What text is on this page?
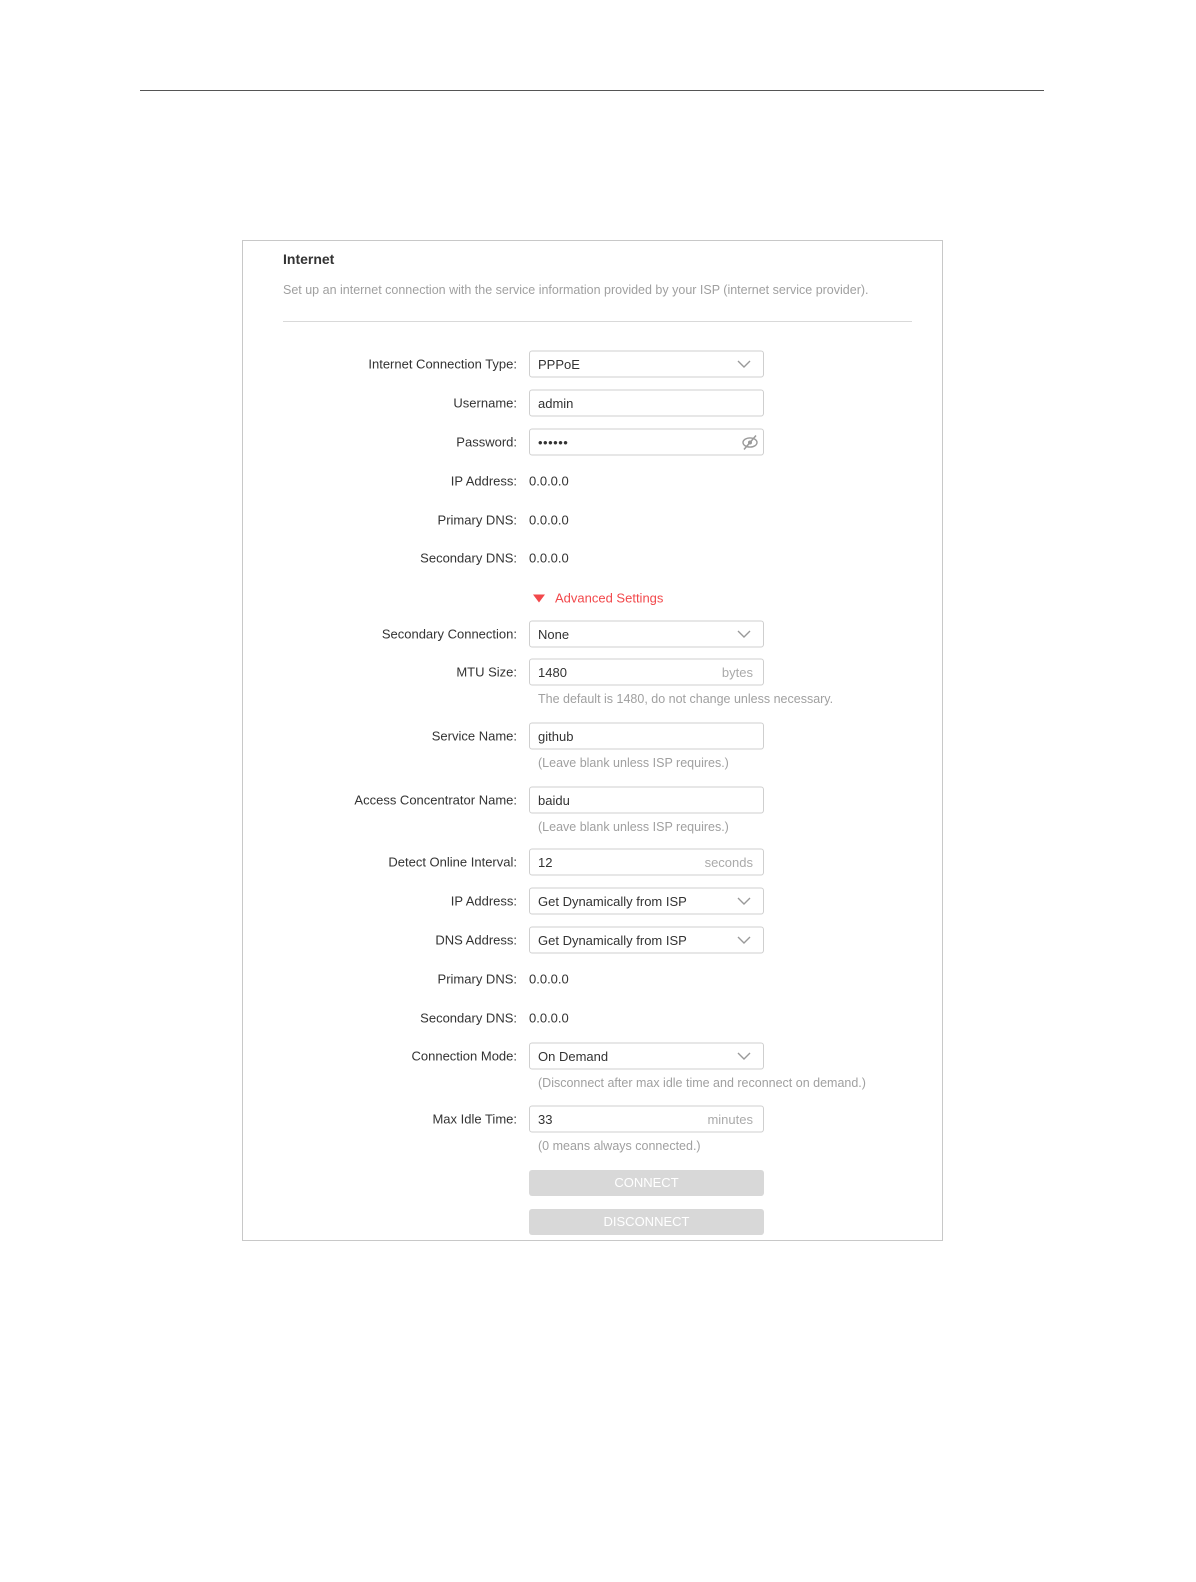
Internet
Set up an internet connection with the service information provided by your ISP (internet service provider).
Internet Connection Type: PPPoE
Username: admin
Password: ••••••
IP Address: 0.0.0.0
Primary DNS: 0.0.0.0
Secondary DNS: 0.0.0.0
Advanced Settings
Secondary Connection: None
MTU Size: 1480	bytes
The default is 1480, do not change unless necessary.
Service Name: github
(Leave blank unless ISP requires.)
Access Concentrator Name: baidu
(Leave blank unless ISP requires.)
Detect Online Interval: 12	seconds
IP Address: Get Dynamically from ISP
DNS Address: Get Dynamically from ISP
Primary DNS: 0.0.0.0
Secondary DNS: 0.0.0.0
Connection Mode: On Demand
(Disconnect after max idle time and reconnect on demand.)
Max Idle Time: 33	minutes
(0 means always connected.)
CONNECT
DISCONNECT
